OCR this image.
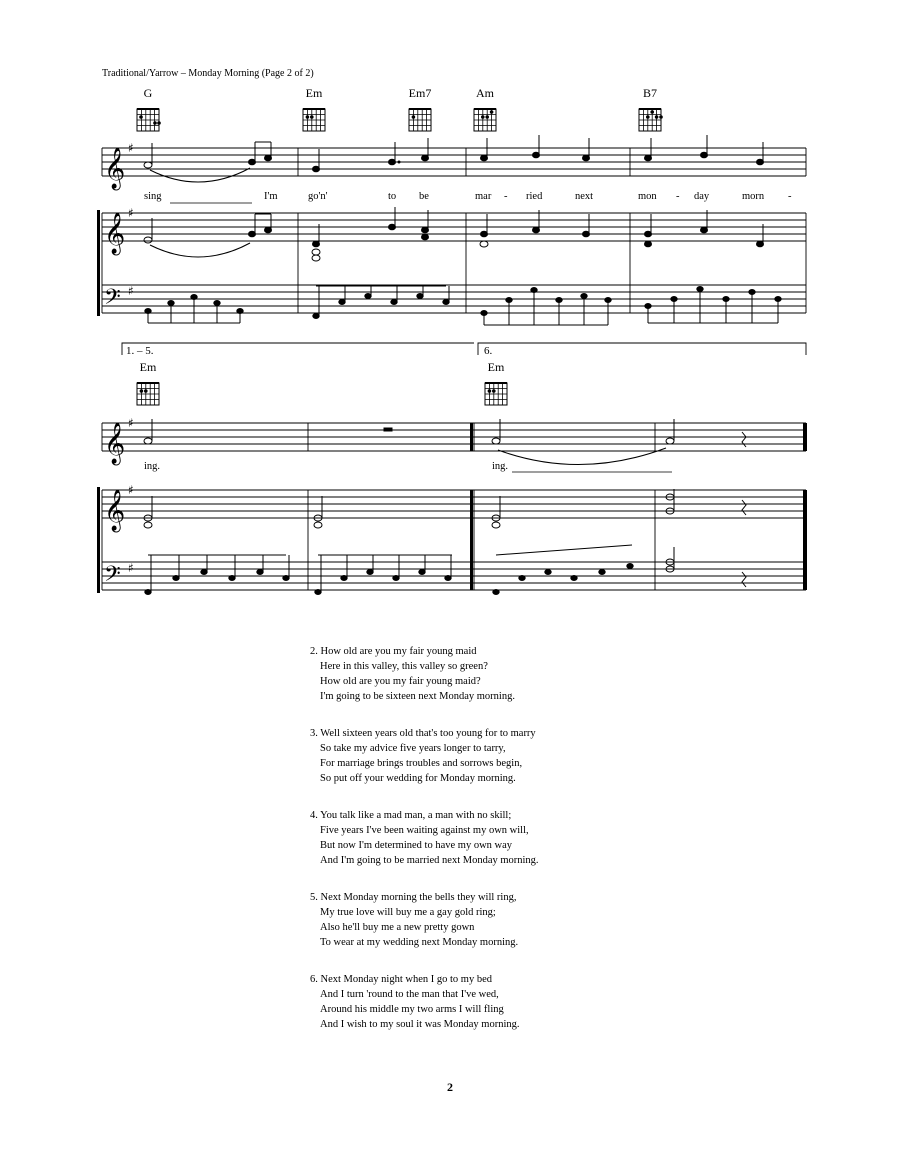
Traditional/Yarrow – Monday Morning (Page 2 of 2)
G	Em	Em7	Am	B7
Em	Em
𝄞
𝄞
𝄞
𝄞
𝄢
𝄢
♯
♯
♯
♯
♯
♯
1. – 5.	6.
sing	I'm	go'n'	to be	mar - ried	next	mon - day	morn -
ing.	ing.
2. How old are you my fair young maid
Here in this valley, this valley so green?
How old are you my fair young maid?
I'm going to be sixteen next Monday morning.
3. Well sixteen years old that's too young for to marry
So take my advice five years longer to tarry,
For marriage brings troubles and sorrows begin,
So put off your wedding for Monday morning.
4. You talk like a mad man, a man with no skill;
Five years I've been waiting against my own will,
But now I'm determined to have my own way
And I'm going to be married next Monday morning.
5. Next Monday morning the bells they will ring,
My true love will buy me a gay gold ring;
Also he'll buy me a new pretty gown
To wear at my wedding next Monday morning.
6. Next Monday night when I go to my bed
And I turn 'round to the man that I've wed,
Around his middle my two arms I will fling
And I wish to my soul it was Monday morning.
2
